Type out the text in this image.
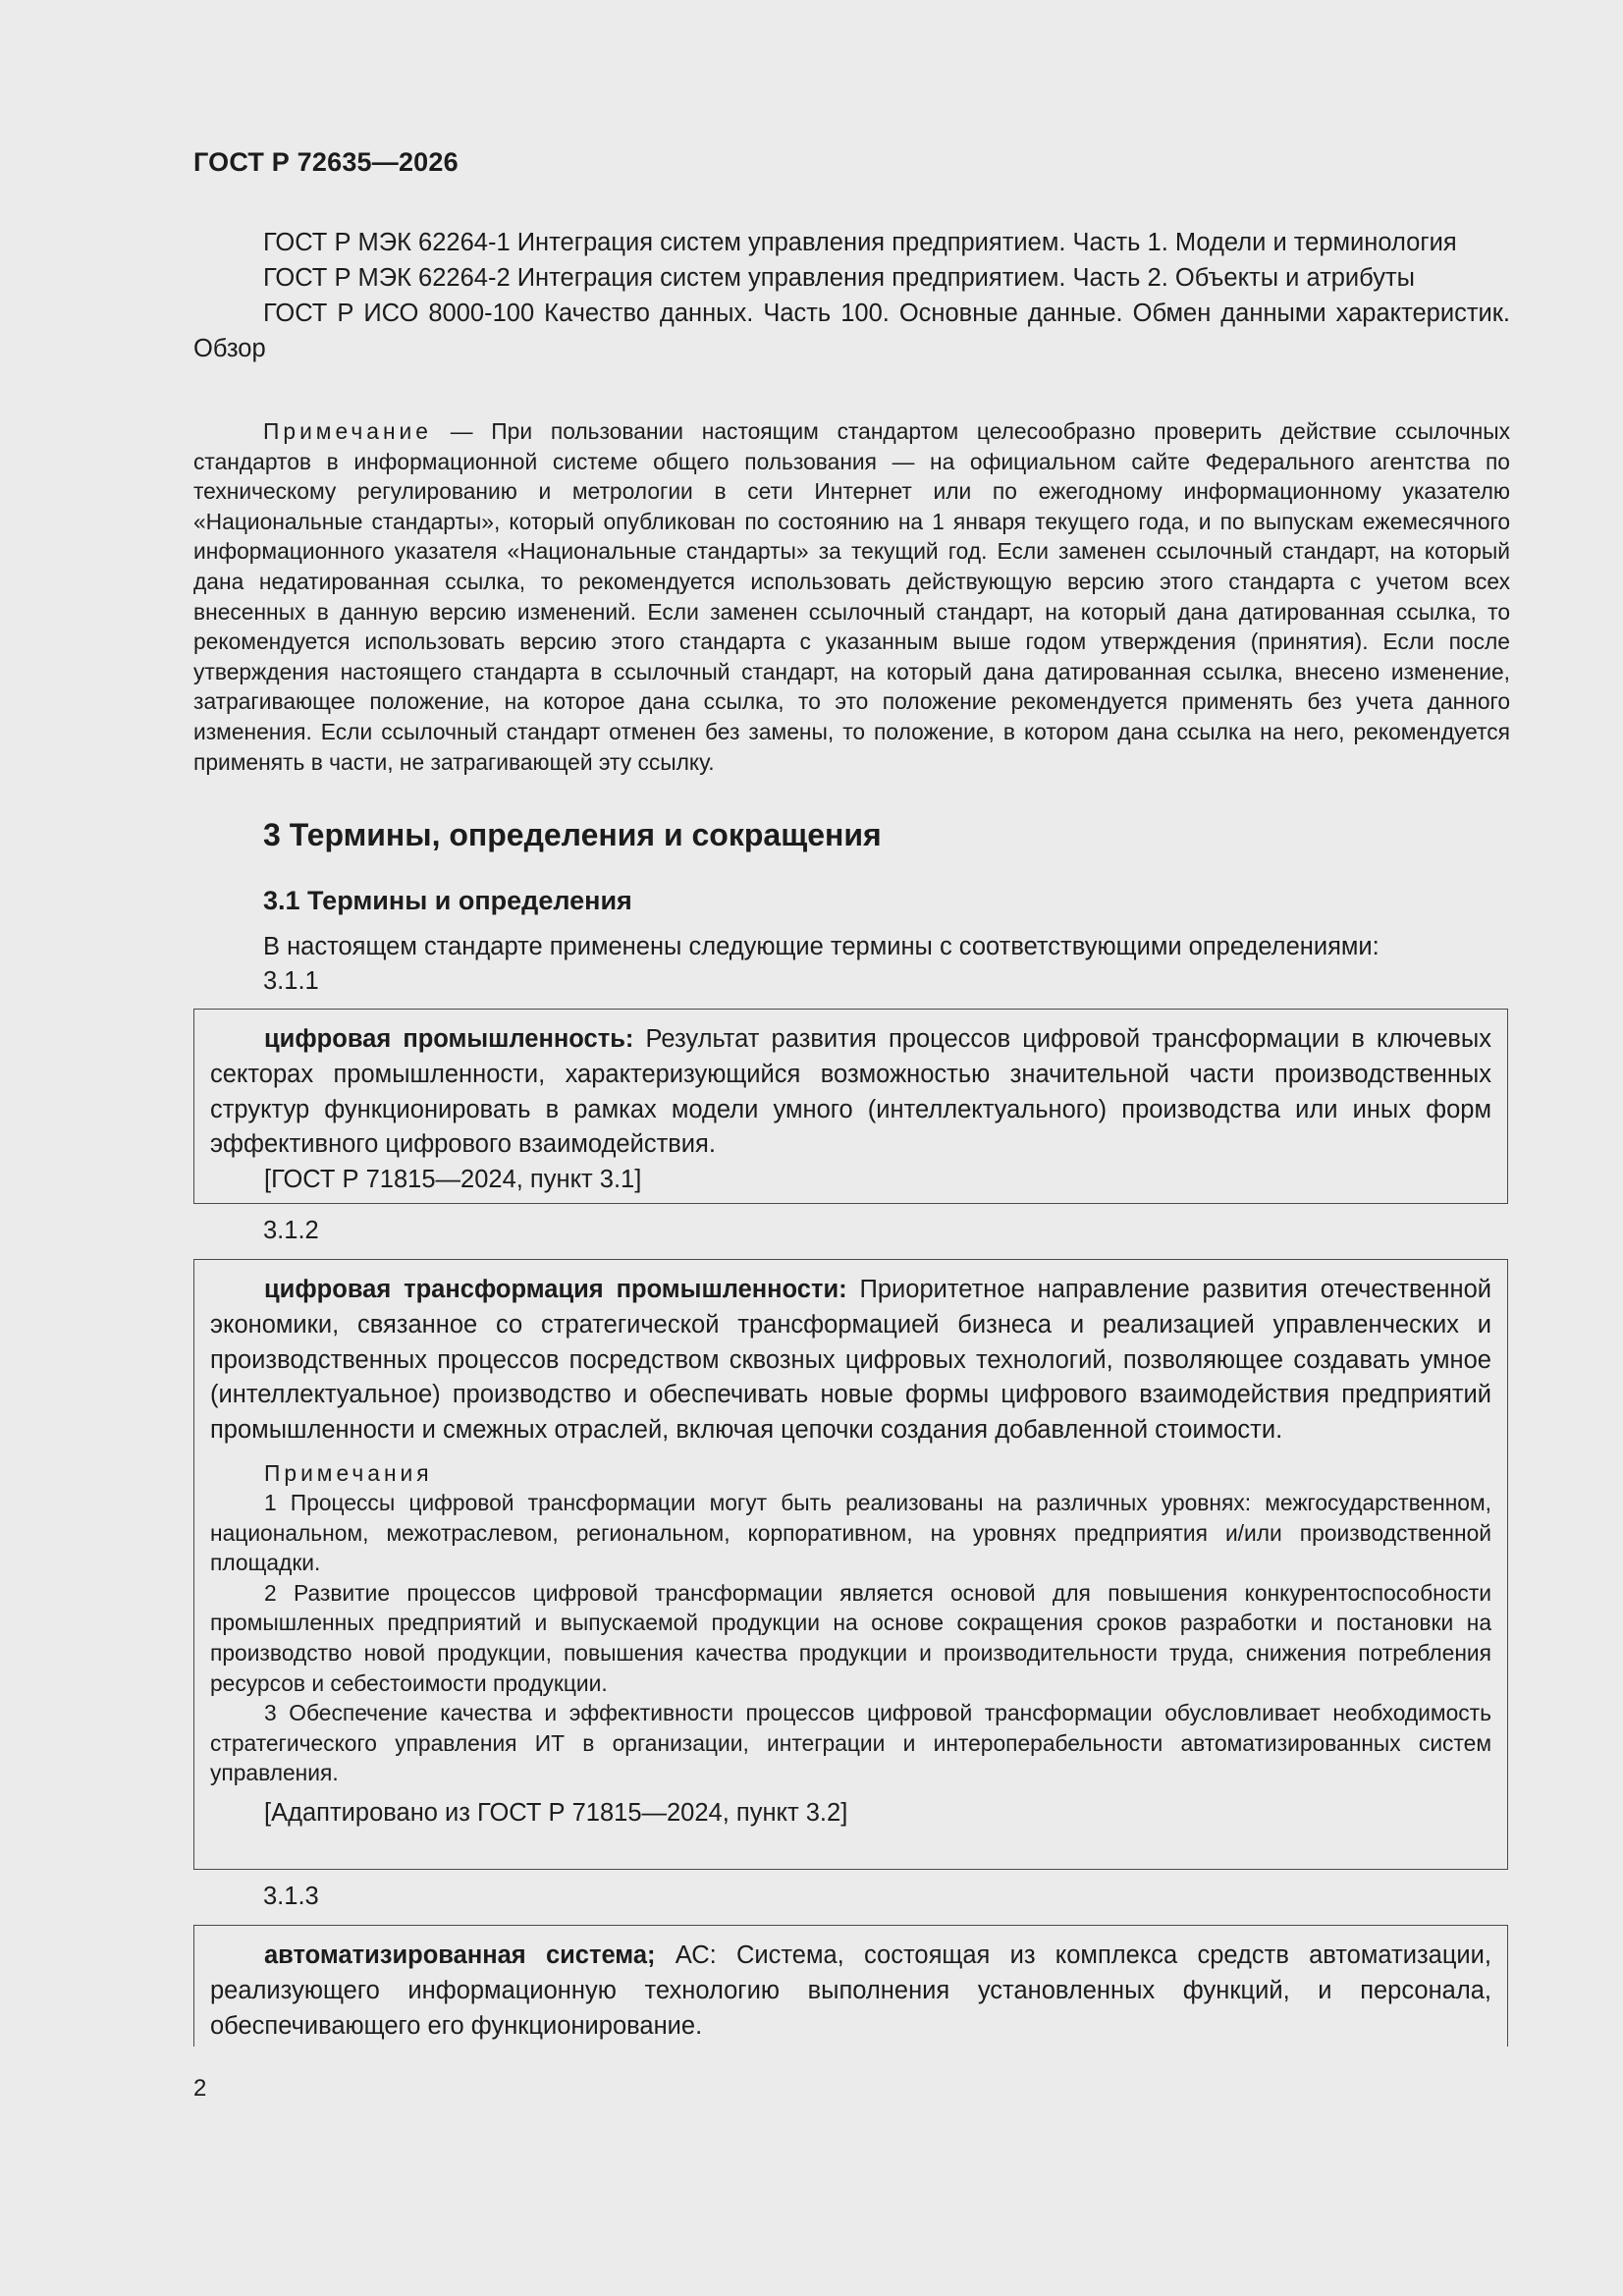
ГОСТ Р 72635—2026

ГОСТ Р МЭК 62264-1 Интеграция систем управления предприятием. Часть 1. Модели и терминология

ГОСТ Р МЭК 62264-2 Интеграция систем управления предприятием. Часть 2. Объекты и атрибуты

ГОСТ Р ИСО 8000-100 Качество данных. Часть 100. Основные данные. Обмен данными характеристик. Обзор

Примечание — При пользовании настоящим стандартом целесообразно проверить действие ссылочных стандартов в информационной системе общего пользования — на официальном сайте Федерального агентства по техническому регулированию и метрологии в сети Интернет или по ежегодному информационному указателю «Национальные стандарты», который опубликован по состоянию на 1 января текущего года, и по выпускам ежемесячного информационного указателя «Национальные стандарты» за текущий год. Если заменен ссылочный стандарт, на который дана недатированная ссылка, то рекомендуется использовать действующую версию этого стандарта с учетом всех внесенных в данную версию изменений. Если заменен ссылочный стандарт, на который дана датированная ссылка, то рекомендуется использовать версию этого стандарта с указанным выше годом утверждения (принятия). Если после утверждения настоящего стандарта в ссылочный стандарт, на который дана датированная ссылка, внесено изменение, затрагивающее положение, на которое дана ссылка, то это положение рекомендуется применять без учета данного изменения. Если ссылочный стандарт отменен без замены, то положение, в котором дана ссылка на него, рекомендуется применять в части, не затрагивающей эту ссылку.

3 Термины, определения и сокращения
3.1 Термины и определения

В настоящем стандарте применены следующие термины с соответствующими определениями:

3.1.1

цифровая промышленность: Результат развития процессов цифровой трансформации в ключевых секторах промышленности, характеризующийся возможностью значительной части производственных структур функционировать в рамках модели умного (интеллектуального) производства или иных форм эффективного цифрового взаимодействия.

[ГОСТ Р 71815—2024, пункт 3.1]

3.1.2

цифровая трансформация промышленности: Приоритетное направление развития отечественной экономики, связанное со стратегической трансформацией бизнеса и реализацией управленческих и производственных процессов посредством сквозных цифровых технологий, позволяющее создавать умное (интеллектуальное) производство и обеспечивать новые формы цифрового взаимодействия предприятий промышленности и смежных отраслей, включая цепочки создания добавленной стоимости.

Примечания

1 Процессы цифровой трансформации могут быть реализованы на различных уровнях: межгосударственном, национальном, межотраслевом, региональном, корпоративном, на уровнях предприятия и/или производственной площадки.

2 Развитие процессов цифровой трансформации является основой для повышения конкурентоспособности промышленных предприятий и выпускаемой продукции на основе сокращения сроков разработки и постановки на производство новой продукции, повышения качества продукции и производительности труда, снижения потребления ресурсов и себестоимости продукции.

3 Обеспечение качества и эффективности процессов цифровой трансформации обусловливает необходимость стратегического управления ИТ в организации, интеграции и интероперабельности автоматизированных систем управления.

[Адаптировано из ГОСТ Р 71815—2024, пункт 3.2]

3.1.3

автоматизированная система; АС: Система, состоящая из комплекса средств автоматизации, реализующего информационную технологию выполнения установленных функций, и персонала, обеспечивающего его функционирование.

2
